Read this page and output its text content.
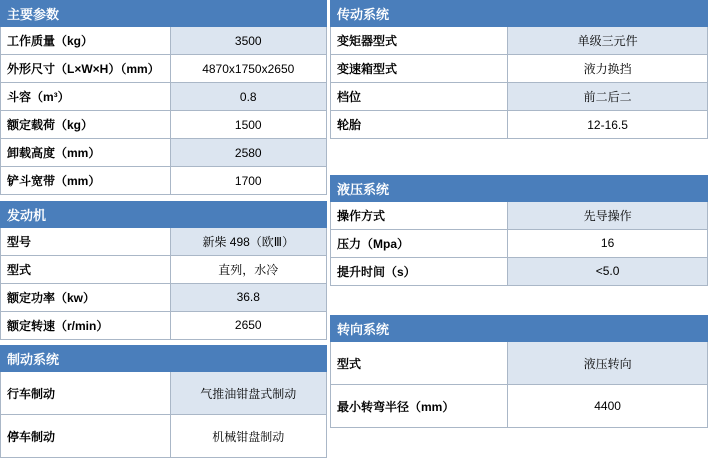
主要参数	
工作质量（kg）	3500
外形尺寸（L×W×H）（mm）	4870x1750x2650
斗容（m³）	0.8
额定载荷（kg）	1500
卸载高度（mm）	2580
铲斗宽带（mm）	1700

发动机	
型号	新柴 498（欧Ⅲ）
型式	直列，水冷
额定功率（kw）	36.8
额定转速（r/min）	2650

制动系统	
行车制动	气推油钳盘式制动
停车制动	机械钳盘制动
传动系统	
变矩器型式	单级三元件
变速箱型式	液力换挡
档位	前二后二
轮胎	12-16.5

液压系统	
操作方式	先导操作
压力（Mpa）	16
提升时间（s）	<5.0

转向系统	
型式	液压转向
最小转弯半径（mm）	4400
